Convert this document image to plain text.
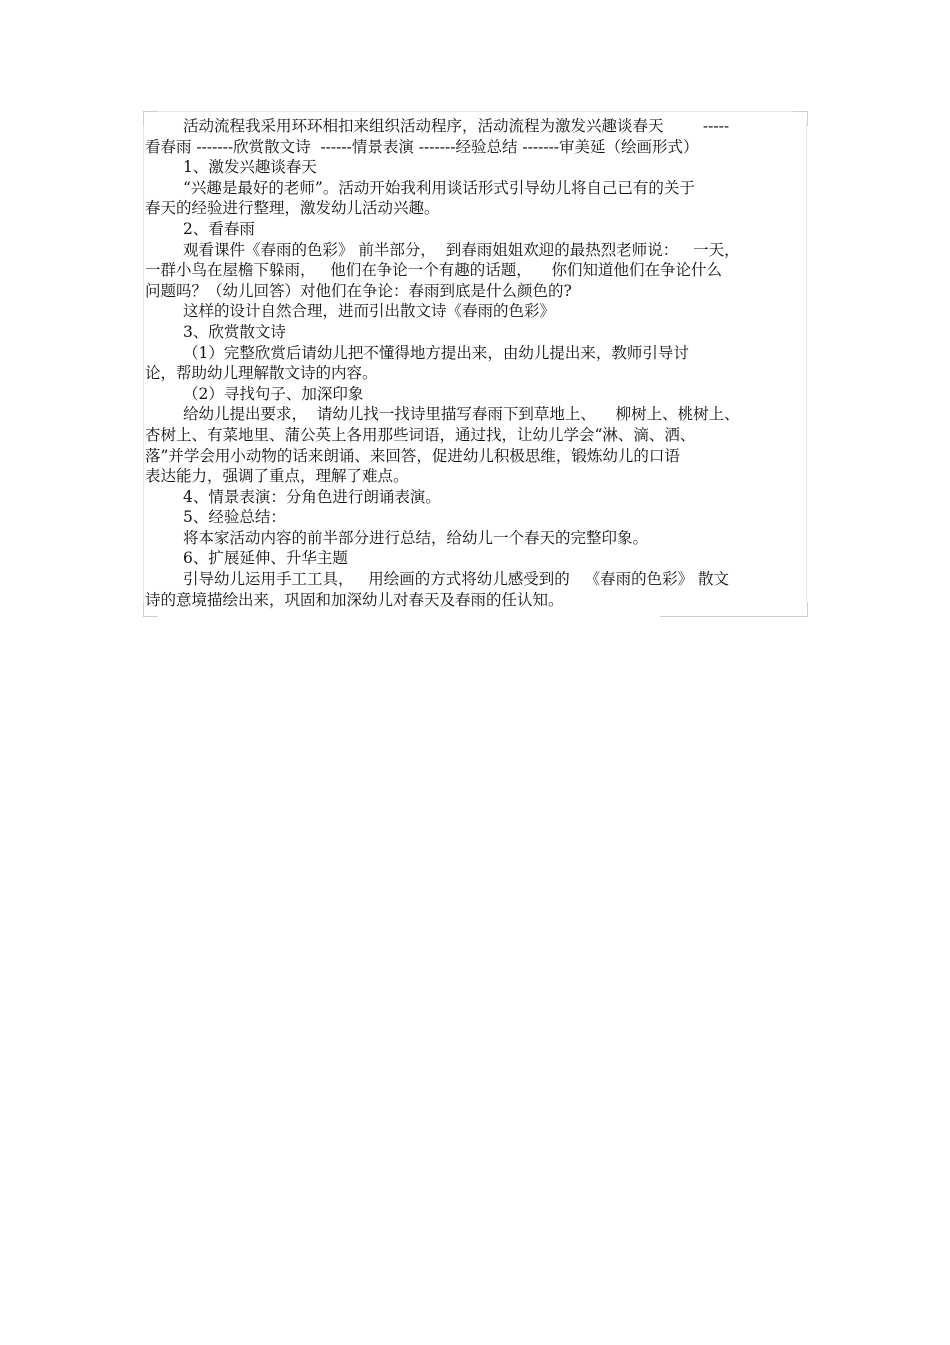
活动流程我采用环环相扣来组织活动程序，活动流程为激发兴趣谈春天        -----
看春雨 -------欣赏散文诗  ------情景表演 -------经验总结 -------审美延（绘画形式）
1、激发兴趣谈春天
“兴趣是最好的老师”。活动开始我利用谈话形式引导幼儿将自己已有的关于
春天的经验进行整理，激发幼儿活动兴趣。
2、看春雨
观看课件《春雨的色彩》 前半部分，  到春雨姐姐欢迎的最热烈老师说：   一天，
一群小鸟在屋檐下躲雨，   他们在争论一个有趣的话题，    你们知道他们在争论什么
问题吗？（幼儿回答）对他们在争论：春雨到底是什么颜色的?
这样的设计自然合理，进而引出散文诗《春雨的色彩》
3、欣赏散文诗
（1）完整欣赏后请幼儿把不懂得地方提出来，由幼儿提出来，教师引导讨
论，帮助幼儿理解散文诗的内容。
（2）寻找句子、加深印象
给幼儿提出要求，  请幼儿找一找诗里描写春雨下到草地上、    柳树上、桃树上、
杏树上、有菜地里、蒲公英上各用那些词语，通过找，让幼儿学会“淋、滴、洒、
落”并学会用小动物的话来朗诵、来回答，促进幼儿积极思维，锻炼幼儿的口语
表达能力，强调了重点，理解了难点。
4、情景表演：分角色进行朗诵表演。
5、经验总结：
将本家活动内容的前半部分进行总结，给幼儿一个春天的完整印象。
6、扩展延伸、升华主题
引导幼儿运用手工工具，   用绘画的方式将幼儿感受到的   《春雨的色彩》 散文
诗的意境描绘出来，巩固和加深幼儿对春天及春雨的任认知。
